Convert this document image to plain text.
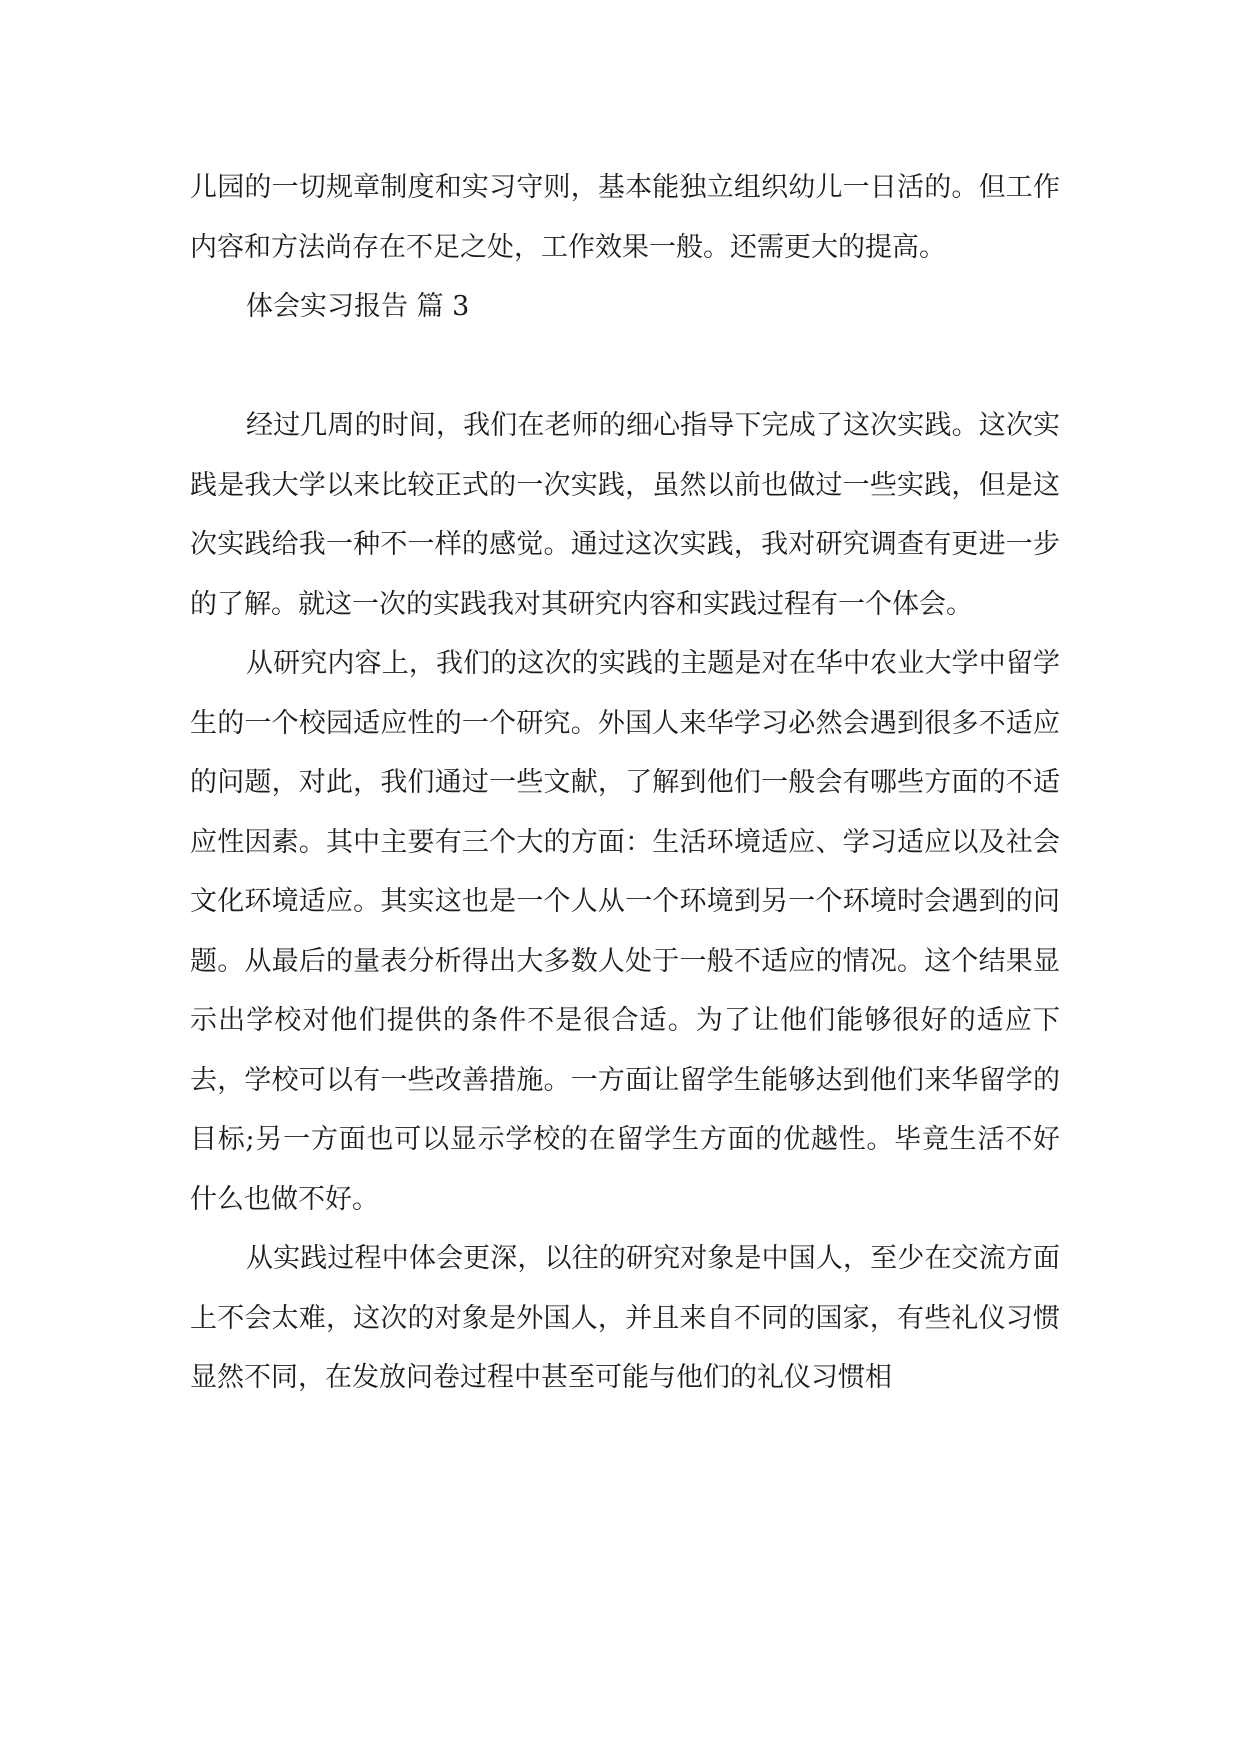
儿园的一切规章制度和实习守则，基本能独立组织幼儿一日活的。但工作内容和方法尚存在不足之处，工作效果一般。还需更大的提高。

体会实习报告 篇 3

经过几周的时间，我们在老师的细心指导下完成了这次实践。这次实践是我大学以来比较正式的一次实践，虽然以前也做过一些实践，但是这次实践给我一种不一样的感觉。通过这次实践，我对研究调查有更进一步的了解。就这一次的实践我对其研究内容和实践过程有一个体会。

从研究内容上，我们的这次的实践的主题是对在华中农业大学中留学生的一个校园适应性的一个研究。外国人来华学习必然会遇到很多不适应的问题，对此，我们通过一些文献，了解到他们一般会有哪些方面的不适应性因素。其中主要有三个大的方面：生活环境适应、学习适应以及社会文化环境适应。其实这也是一个人从一个环境到另一个环境时会遇到的问题。从最后的量表分析得出大多数人处于一般不适应的情况。这个结果显示出学校对他们提供的条件不是很合适。为了让他们能够很好的适应下去，学校可以有一些改善措施。一方面让留学生能够达到他们来华留学的目标;另一方面也可以显示学校的在留学生方面的优越性。毕竟生活不好什么也做不好。

从实践过程中体会更深，以往的研究对象是中国人，至少在交流方面上不会太难，这次的对象是外国人，并且来自不同的国家，有些礼仪习惯显然不同，在发放问卷过程中甚至可能与他们的礼仪习惯相
